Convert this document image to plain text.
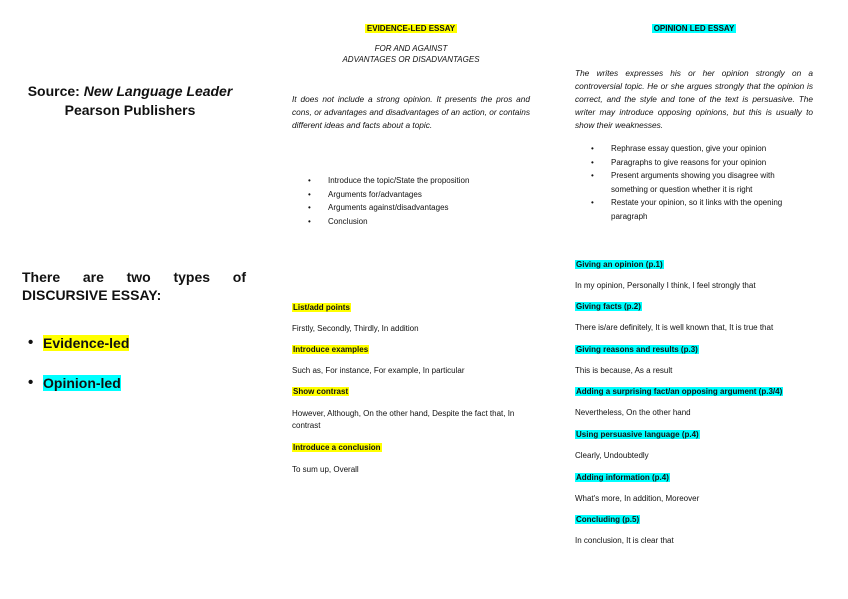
Source: New Language Leader
Pearson Publishers
There are two types of
DISCURSIVE ESSAY:
• Evidence-led
• Opinion-led
EVIDENCE-LED ESSAY
FOR AND AGAINST
ADVANTAGES OR DISADVANTAGES

It does not include a strong opinion. It presents the pros and cons, or advantages and disadvantages of an action, or contains different ideas and facts about a topic.

• Introduce the topic/State the proposition
• Arguments for/advantages
• Arguments against/disadvantages
• Conclusion
List/add points

Firstly, Secondly, Thirdly, In addition

Introduce examples

Such as, For instance, For example, In particular

Show contrast

However, Although, On the other hand, Despite the fact that, In contrast

Introduce a conclusion

To sum up, Overall

OPINION LED ESSAY

The writes expresses his or her opinion strongly on a controversial topic. He or she argues strongly that the opinion is correct, and the style and tone of the text is persuasive. The writer may introduce opposing opinions, but this is usually to show their weaknesses.

• Rephrase essay question, give your opinion
• Paragraphs to give reasons for your opinion
• Present arguments showing you disagree with something or question whether it is right
• Restate your opinion, so it links with the opening paragraph
Giving an opinion (p.1)

In my opinion, Personally I think, I feel strongly that

Giving facts (p.2)

There is/are definitely, It is well known that, It is true that

Giving reasons and results (p.3)

This is because, As a result

Adding a surprising fact/an opposing argument (p.3/4)

Nevertheless, On the other hand

Using persuasive language (p.4)

Clearly, Undoubtedly

Adding information (p.4)

What's more, In addition, Moreover

Concluding (p.5)

In conclusion, It is clear that
